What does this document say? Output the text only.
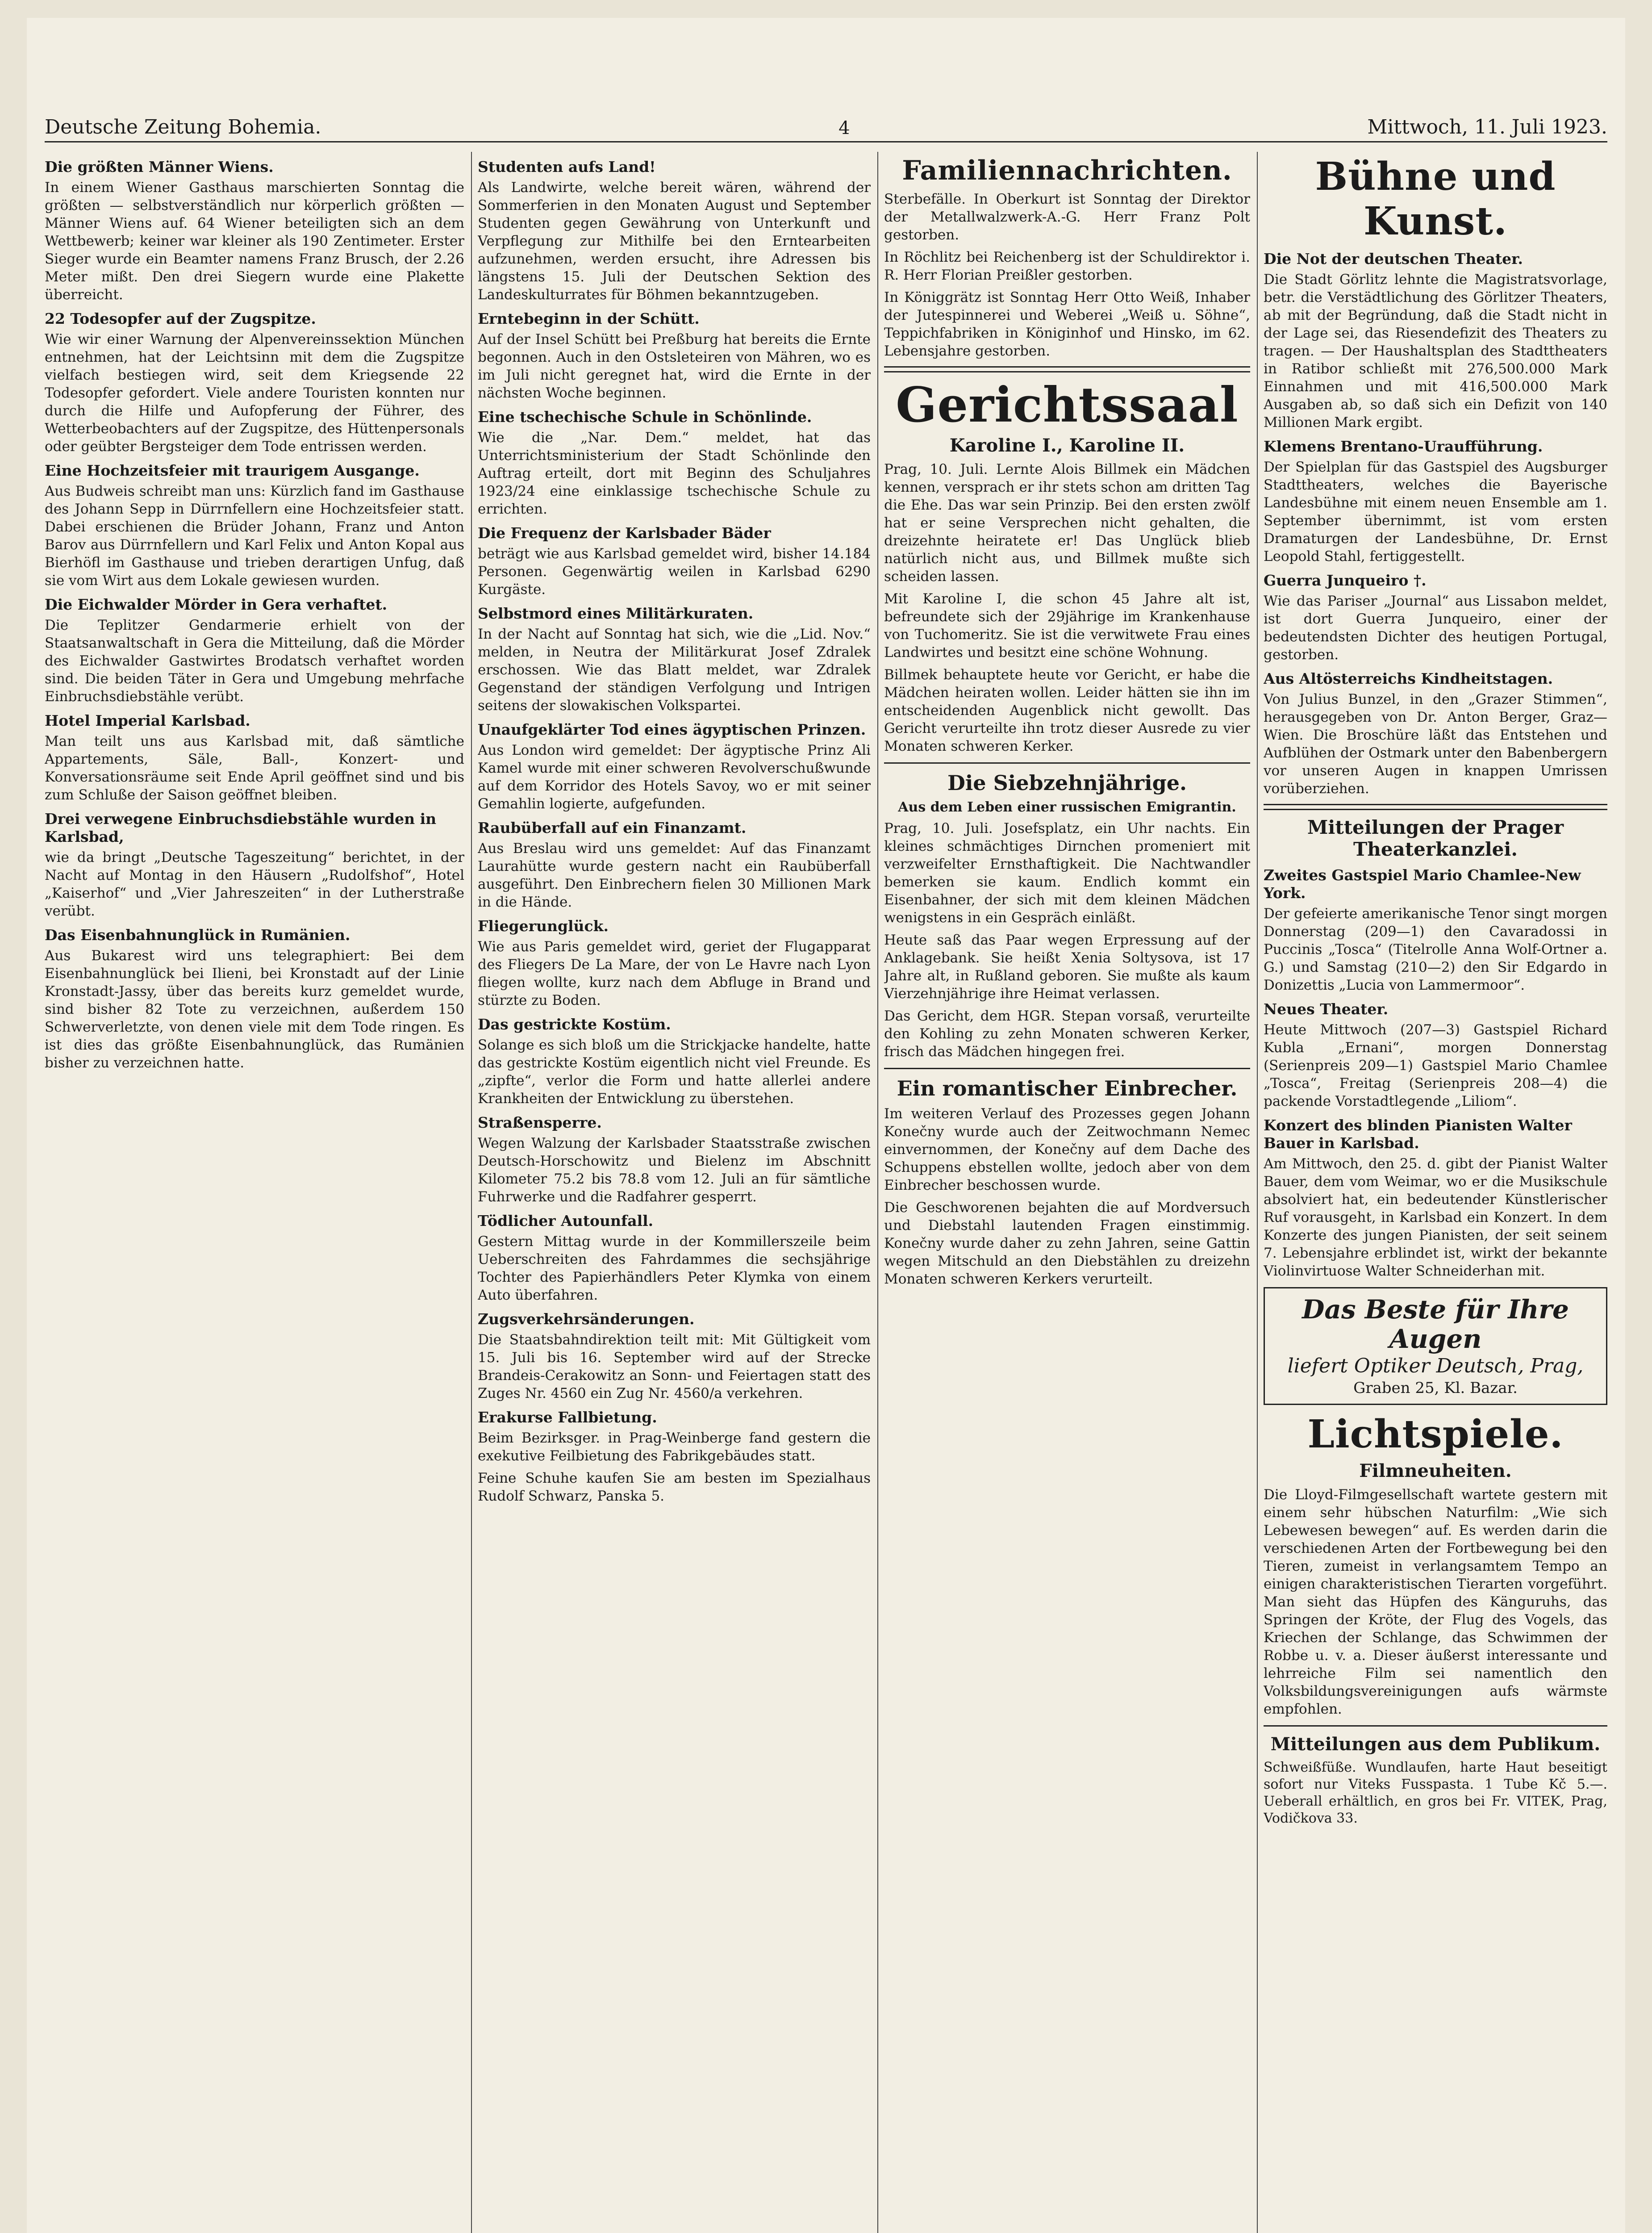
Deutsche Zeitung Bohemia.	4	Mittwoch, 11. Juli 1923.
Die größten Männer Wiens.

In einem Wiener Gasthaus marschierten Sonntag die größten — selbstverständlich nur körperlich größten — Männer Wiens auf. 64 Wiener beteiligten sich an dem Wettbewerb; keiner war kleiner als 190 Zentimeter. Erster Sieger wurde ein Beamter namens Franz Brusch, der 2.26 Meter mißt. Den drei Siegern wurde eine Plakette überreicht.

22 Todesopfer auf der Zugspitze.

Wie wir einer Warnung der Alpenvereinssektion München entnehmen, hat der Leichtsinn mit dem die Zugspitze vielfach bestiegen wird, seit dem Kriegsende 22 Todesopfer gefordert. Viele andere Touristen konnten nur durch die Hilfe und Aufopferung der Führer, des Wetterbeobachters auf der Zugspitze, des Hüttenpersonals oder geübter Bergsteiger dem Tode entrissen werden.

Eine Hochzeitsfeier mit traurigem Ausgange.

Aus Budweis schreibt man uns: Kürzlich fand im Gasthause des Johann Sepp in Dürrnfellern eine Hochzeitsfeier statt. Dabei erschienen die Brüder Johann, Franz und Anton Barov aus Dürrnfellern und Karl Felix und Anton Kopal aus Bierhöfl im Gasthause und trieben derartigen Unfug, daß sie vom Wirt aus dem Lokale gewiesen wurden.

Die Eichwalder Mörder in Gera verhaftet.

Die Teplitzer Gendarmerie erhielt von der Staatsanwaltschaft in Gera die Mitteilung, daß die Mörder des Eichwalder Gastwirtes Brodatsch verhaftet worden sind. Die beiden Täter in Gera und Umgebung mehrfache Einbruchsdiebstähle verübt.

Hotel Imperial Karlsbad.

Man teilt uns aus Karlsbad mit, daß sämtliche Appartements, Säle, Ball-, Konzert- und Konversationsräume seit Ende April geöffnet sind und bis zum Schluße der Saison geöffnet bleiben.

Drei verwegene Einbruchsdiebstähle wurden in Karlsbad,

wie da bringt „Deutsche Tageszeitung“ berichtet, in der Nacht auf Montag in den Häusern „Rudolfshof“, Hotel „Kaiserhof“ und „Vier Jahreszeiten“ in der Lutherstraße verübt.

Das Eisenbahnunglück in Rumänien.

Aus Bukarest wird uns telegraphiert: Bei dem Eisenbahnunglück bei Ilieni, bei Kronstadt auf der Linie Kronstadt-Jassy, über das bereits kurz gemeldet wurde, sind bisher 82 Tote zu verzeichnen, außerdem 150 Schwerverletzte, von denen viele mit dem Tode ringen. Es ist dies das größte Eisenbahnunglück, das Rumänien bisher zu verzeichnen hatte.

Studenten aufs Land!

Als Landwirte, welche bereit wären, während der Sommerferien in den Monaten August und September Studenten gegen Gewährung von Unterkunft und Verpflegung zur Mithilfe bei den Erntearbeiten aufzunehmen, werden ersucht, ihre Adressen bis längstens 15. Juli der Deutschen Sektion des Landeskulturrates für Böhmen bekanntzugeben.

Erntebeginn in der Schütt.

Auf der Insel Schütt bei Preßburg hat bereits die Ernte begonnen. Auch in den Ostsleteiren von Mähren, wo es im Juli nicht geregnet hat, wird die Ernte in der nächsten Woche beginnen.

Eine tschechische Schule in Schönlinde.

Wie die „Nar. Dem.“ meldet, hat das Unterrichtsministerium der Stadt Schönlinde den Auftrag erteilt, dort mit Beginn des Schuljahres 1923/24 eine einklassige tschechische Schule zu errichten.

Die Frequenz der Karlsbader Bäder

beträgt wie aus Karlsbad gemeldet wird, bisher 14.184 Personen. Gegenwärtig weilen in Karlsbad 6290 Kurgäste.

Selbstmord eines Militärkuraten.

In der Nacht auf Sonntag hat sich, wie die „Lid. Nov.“ melden, in Neutra der Militärkurat Josef Zdralek erschossen. Wie das Blatt meldet, war Zdralek Gegenstand der ständigen Verfolgung und Intrigen seitens der slowakischen Volkspartei.

Unaufgeklärter Tod eines ägyptischen Prinzen.

Aus London wird gemeldet: Der ägyptische Prinz Ali Kamel wurde mit einer schweren Revolverschußwunde auf dem Korridor des Hotels Savoy, wo er mit seiner Gemahlin logierte, aufgefunden.

Raubüberfall auf ein Finanzamt.

Aus Breslau wird uns gemeldet: Auf das Finanzamt Laurahütte wurde gestern nacht ein Raubüberfall ausgeführt. Den Einbrechern fielen 30 Millionen Mark in die Hände.

Fliegerunglück.

Wie aus Paris gemeldet wird, geriet der Flugapparat des Fliegers De La Mare, der von Le Havre nach Lyon fliegen wollte, kurz nach dem Abfluge in Brand und stürzte zu Boden.

Das gestrickte Kostüm.

Solange es sich bloß um die Strickjacke handelte, hatte das gestrickte Kostüm eigentlich nicht viel Freunde. Es „zipfte“, verlor die Form und hatte allerlei andere Krankheiten der Entwicklung zu überstehen.

Straßensperre.

Wegen Walzung der Karlsbader Staatsstraße zwischen Deutsch-Horschowitz und Bielenz im Abschnitt Kilometer 75.2 bis 78.8 vom 12. Juli an für sämtliche Fuhrwerke und die Radfahrer gesperrt.

Tödlicher Autounfall.

Gestern Mittag wurde in der Kommillerszeile beim Ueberschreiten des Fahrdammes die sechsjährige Tochter des Papierhändlers Peter Klymka von einem Auto überfahren.

Zugsverkehrsänderungen.

Die Staatsbahndirektion teilt mit: Mit Gültigkeit vom 15. Juli bis 16. September wird auf der Strecke Brandeis-Cerakowitz an Sonn- und Feiertagen statt des Zuges Nr. 4560 ein Zug Nr. 4560/a verkehren.

Erakurse Fallbietung.

Beim Bezirksger. in Prag-Weinberge fand gestern die exekutive Feilbietung des Fabrikgebäudes statt.

Feine Schuhe kaufen Sie am besten im Spezialhaus Rudolf Schwarz, Panska 5.

Familiennachrichten.

Sterbefälle. In Oberkurt ist Sonntag der Direktor der Metallwalzwerk-A.-G. Herr Franz Polt gestorben.

In Röchlitz bei Reichenberg ist der Schuldirektor i. R. Herr Florian Preißler gestorben.

In Königgrätz ist Sonntag Herr Otto Weiß, Inhaber der Jutespinnerei und Weberei „Weiß u. Söhne“, Teppichfabriken in Königinhof und Hinsko, im 62. Lebensjahre gestorben.

Gerichtssaal
Karoline I., Karoline II.

Prag, 10. Juli. Lernte Alois Billmek ein Mädchen kennen, versprach er ihr stets schon am dritten Tag die Ehe. Das war sein Prinzip. Bei den ersten zwölf hat er seine Versprechen nicht gehalten, die dreizehnte heiratete er! Das Unglück blieb natürlich nicht aus, und Billmek mußte sich scheiden lassen.

Mit Karoline I, die schon 45 Jahre alt ist, befreundete sich der 29jährige im Krankenhause von Tuchomeritz. Sie ist die verwitwete Frau eines Landwirtes und besitzt eine schöne Wohnung.

Billmek behauptete heute vor Gericht, er habe die Mädchen heiraten wollen. Leider hätten sie ihn im entscheidenden Augenblick nicht gewollt. Das Gericht verurteilte ihn trotz dieser Ausrede zu vier Monaten schweren Kerker.

Die Siebzehnjährige.
Aus dem Leben einer russischen Emigrantin.

Prag, 10. Juli. Josefsplatz, ein Uhr nachts. Ein kleines schmächtiges Dirnchen promeniert mit verzweifelter Ernsthaftigkeit. Die Nachtwandler bemerken sie kaum. Endlich kommt ein Eisenbahner, der sich mit dem kleinen Mädchen wenigstens in ein Gespräch einläßt.

Heute saß das Paar wegen Erpressung auf der Anklagebank. Sie heißt Xenia Soltysova, ist 17 Jahre alt, in Rußland geboren. Sie mußte als kaum Vierzehnjährige ihre Heimat verlassen.

Das Gericht, dem HGR. Stepan vorsaß, verurteilte den Kohling zu zehn Monaten schweren Kerker, frisch das Mädchen hingegen frei.

Ein romantischer Einbrecher.

Im weiteren Verlauf des Prozesses gegen Johann Konečny wurde auch der Zeitwochmann Nemec einvernommen, der Konečny auf dem Dache des Schuppens ebstellen wollte, jedoch aber von dem Einbrecher beschossen wurde.

Die Geschworenen bejahten die auf Mordversuch und Diebstahl lautenden Fragen einstimmig. Konečny wurde daher zu zehn Jahren, seine Gattin wegen Mitschuld an den Diebstählen zu dreizehn Monaten schweren Kerkers verurteilt.

Bühne und Kunst.
Die Not der deutschen Theater.

Die Stadt Görlitz lehnte die Magistratsvorlage, betr. die Verstädtlichung des Görlitzer Theaters, ab mit der Begründung, daß die Stadt nicht in der Lage sei, das Riesendefizit des Theaters zu tragen. — Der Haushaltsplan des Stadttheaters in Ratibor schließt mit 276,500.000 Mark Einnahmen und mit 416,500.000 Mark Ausgaben ab, so daß sich ein Defizit von 140 Millionen Mark ergibt.

Klemens Brentano-Uraufführung.

Der Spielplan für das Gastspiel des Augsburger Stadttheaters, welches die Bayerische Landesbühne mit einem neuen Ensemble am 1. September übernimmt, ist vom ersten Dramaturgen der Landesbühne, Dr. Ernst Leopold Stahl, fertiggestellt.

Guerra Junqueiro †.

Wie das Pariser „Journal“ aus Lissabon meldet, ist dort Guerra Junqueiro, einer der bedeutendsten Dichter des heutigen Portugal, gestorben.

Aus Altösterreichs Kindheitstagen.

Von Julius Bunzel, in den „Grazer Stimmen“, herausgegeben von Dr. Anton Berger, Graz—Wien. Die Broschüre läßt das Entstehen und Aufblühen der Ostmark unter den Babenbergern vor unseren Augen in knappen Umrissen vorüberziehen.

Mitteilungen der Prager Theaterkanzlei.
Zweites Gastspiel Mario Chamlee-New York.

Der gefeierte amerikanische Tenor singt morgen Donnerstag (209—1) den Cavaradossi in Puccinis „Tosca“ (Titelrolle Anna Wolf-Ortner a. G.) und Samstag (210—2) den Sir Edgardo in Donizettis „Lucia von Lammermoor“.

Neues Theater.

Heute Mittwoch (207—3) Gastspiel Richard Kubla „Ernani“, morgen Donnerstag (Serienpreis 209—1) Gastspiel Mario Chamlee „Tosca“, Freitag (Serienpreis 208—4) die packende Vorstadtlegende „Liliom“.

Konzert des blinden Pianisten Walter Bauer in Karlsbad.

Am Mittwoch, den 25. d. gibt der Pianist Walter Bauer, dem vom Weimar, wo er die Musikschule absolviert hat, ein bedeutender Künstlerischer Ruf vorausgeht, in Karlsbad ein Konzert. In dem Konzerte des jungen Pianisten, der seit seinem 7. Lebensjahre erblindet ist, wirkt der bekannte Violinvirtuose Walter Schneiderhan mit.

Das Beste für Ihre Augen
liefert Optiker Deutsch, Prag,
Graben 25, Kl. Bazar.
Lichtspiele.
Filmneuheiten.

Die Lloyd-Filmgesellschaft wartete gestern mit einem sehr hübschen Naturfilm: „Wie sich Lebewesen bewegen“ auf. Es werden darin die verschiedenen Arten der Fortbewegung bei den Tieren, zumeist in verlangsamtem Tempo an einigen charakteristischen Tierarten vorgeführt. Man sieht das Hüpfen des Känguruhs, das Springen der Kröte, der Flug des Vogels, das Kriechen der Schlange, das Schwimmen der Robbe u. v. a. Dieser äußerst interessante und lehrreiche Film sei namentlich den Volksbildungsvereinigungen aufs wärmste empfohlen.

Mitteilungen aus dem Publikum.

Schweißfüße. Wundlaufen, harte Haut beseitigt sofort nur Viteks Fusspasta. 1 Tube Kč 5.—. Ueberall erhältlich, en gros bei Fr. VITEK, Prag, Vodičkova 33.
